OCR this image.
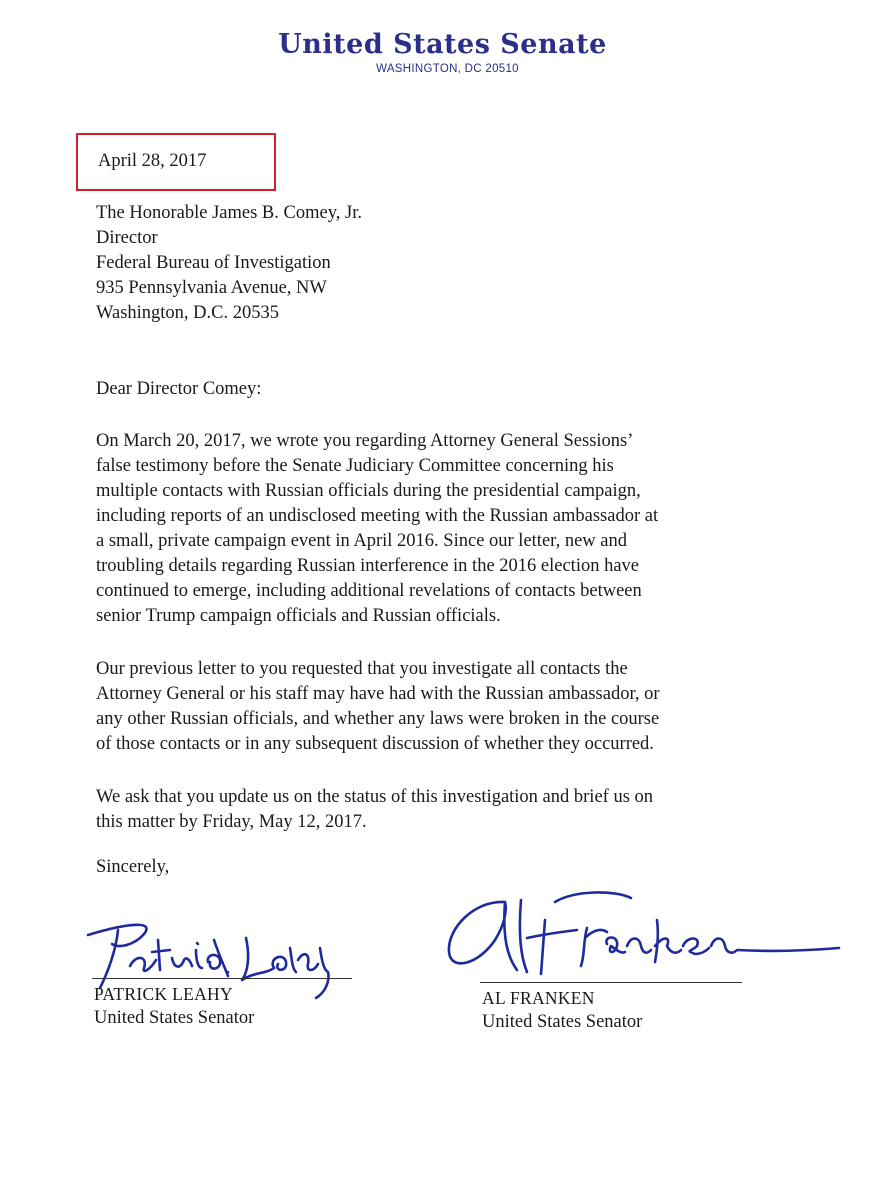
United States Senate
WASHINGTON, DC 20510
April 28, 2017
The Honorable James B. Comey, Jr.
Director
Federal Bureau of Investigation
935 Pennsylvania Avenue, NW
Washington, D.C. 20535
Dear Director Comey:
On March 20, 2017, we wrote you regarding Attorney General Sessions’
false testimony before the Senate Judiciary Committee concerning his
multiple contacts with Russian officials during the presidential campaign,
including reports of an undisclosed meeting with the Russian ambassador at
a small, private campaign event in April 2016. Since our letter, new and
troubling details regarding Russian interference in the 2016 election have
continued to emerge, including additional revelations of contacts between
senior Trump campaign officials and Russian officials.
Our previous letter to you requested that you investigate all contacts the
Attorney General or his staff may have had with the Russian ambassador, or
any other Russian officials, and whether any laws were broken in the course
of those contacts or in any subsequent discussion of whether they occurred.
We ask that you update us on the status of this investigation and brief us on
this matter by Friday, May 12, 2017.
Sincerely,
PATRICK LEAHY
United States Senator
AL FRANKEN
United States Senator
